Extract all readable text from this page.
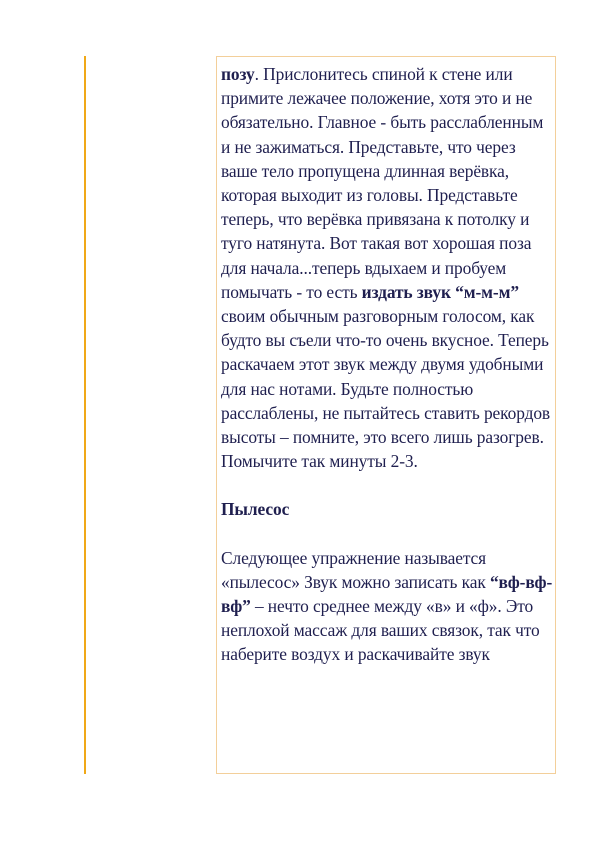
позу. Прислонитесь спиной к стене или примите лежачее положение, хотя это и не обязательно. Главное - быть расслабленным и не зажиматься. Представьте, что через ваше тело пропущена длинная верёвка, которая выходит из головы. Представьте теперь, что верёвка привязана к потолку и туго натянута. Вот такая вот хорошая поза для начала...теперь вдыхаем и пробуем помычать - то есть издать звук “м-м-м” своим обычным разговорным голосом, как будто вы съели что-то очень вкусное. Теперь раскачаем этот звук между двумя удобными для нас нотами. Будьте полностью расслаблены, не пытайтесь ставить рекордов высоты – помните, это всего лишь разогрев. Помычите так минуты 2-3.

Пылесос

Следующее упражнение называется «пылесос» Звук можно записать как “вф-вф-вф” – нечто среднее между «в» и «ф». Это неплохой массаж для ваших связок, так что наберите воздух и раскачивайте звук
